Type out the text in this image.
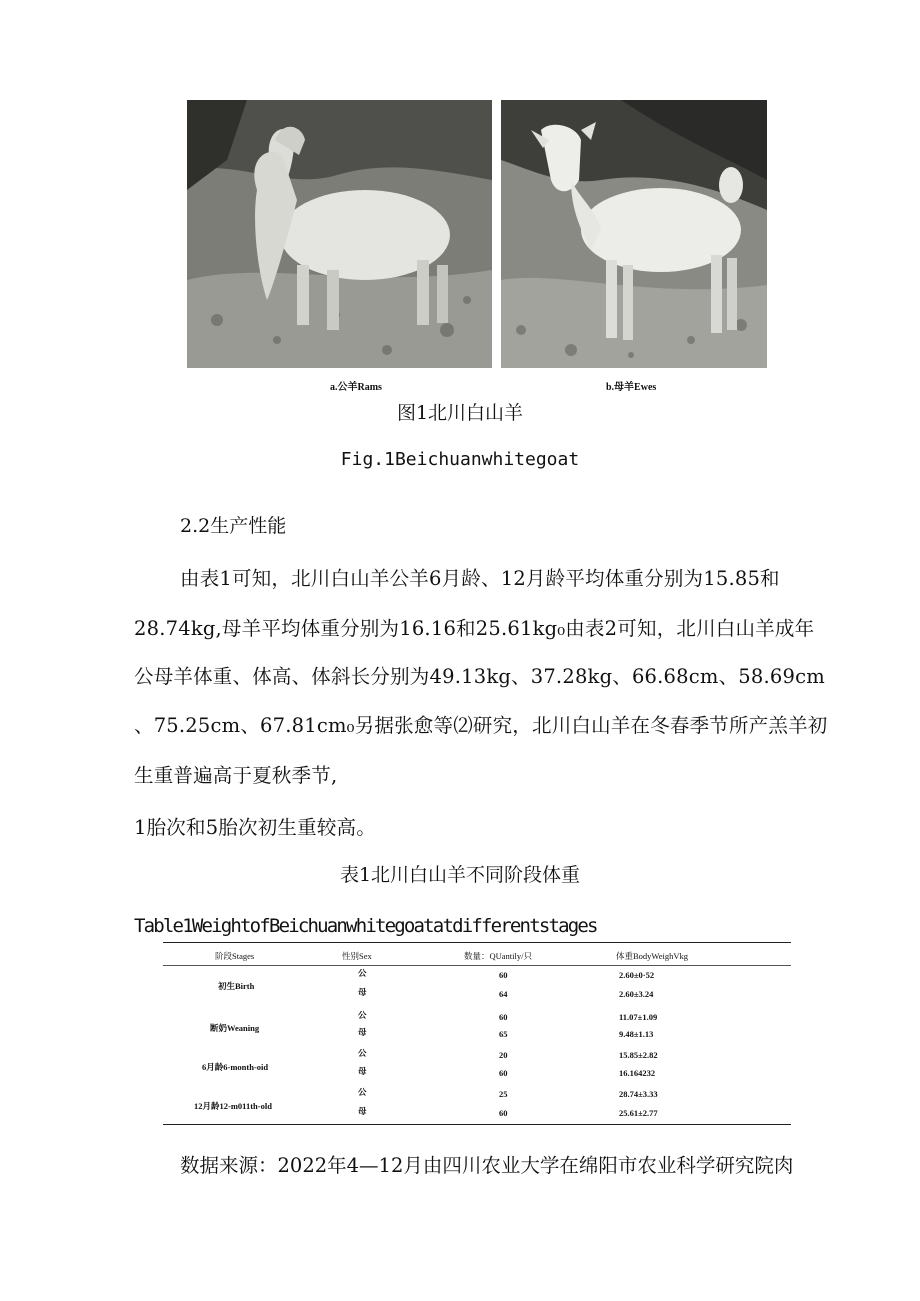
a.公羊Rams	b.母羊Ewes
图1北川白山羊
Fig.1Beichuanwhitegoat
2.2生产性能
由表1可知，北川白山羊公羊6月龄、12月龄平均体重分别为15.85和
28.74kg,母羊平均体重分别为16.16和25.61kg₀由表2可知，北川白山羊成年
公母羊体重、体高、体斜长分别为49.13kg、37.28kg、66.68cm、58.69cm
、75.25cm、67.81cm₀另据张愈等⑵研究，北川白山羊在冬春季节所产羔羊初
生重普遍高于夏秋季节,
1胎次和5胎次初生重较高。
表1北川白山羊不同阶段体重
Table1WeightofBeichuanwhitegoatatdifferentstages
阶段Stages	性别Sex	数量：QUantily/只	体重BodyWeighVkg
初生Birth
公	60	2.60±0·52
母	64	2.60±3.24
断奶Weaning
公	60	11.07±1.09
母	65	9.48±1.13
6月龄6-month-oid
公	20	15.85±2.82
母	60	16.164232
12月龄12-m011th-old
公	25	28.74±3.33
母	60	25.61±2.77
数据来源：2022年4—12月由四川农业大学在绵阳市农业科学研究院肉
